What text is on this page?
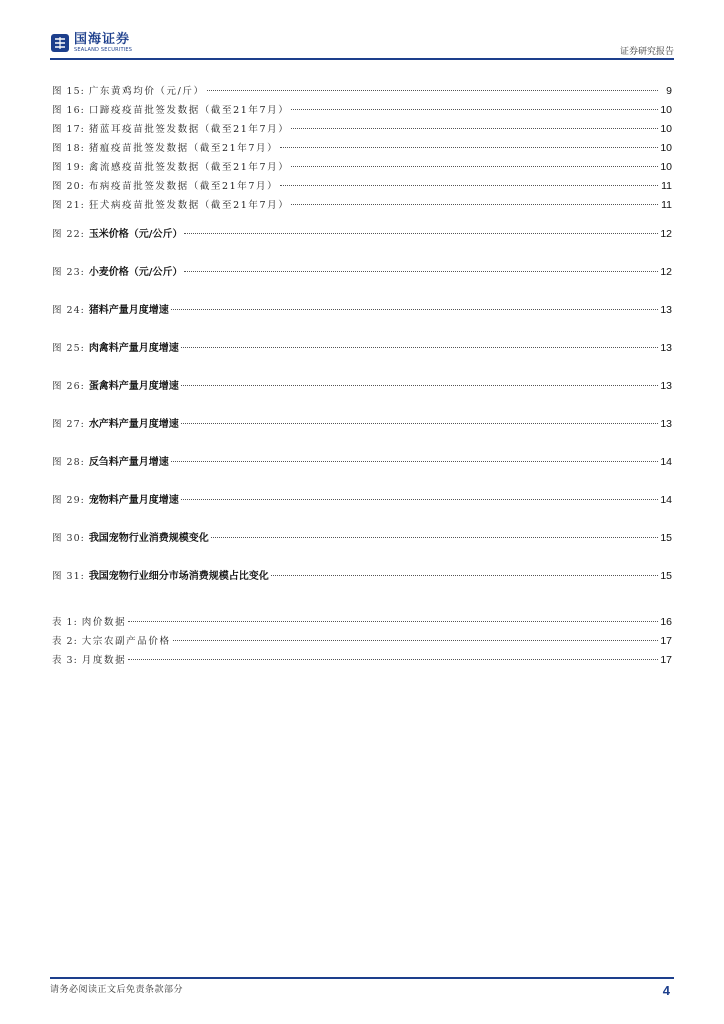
国海证券
SEALAND SECURITIES	证券研究报告
图 15: 广东黄鸡均价（元/斤）	9
图 16: 口蹄疫疫苗批签发数据（截至21年7月）	10
图 17: 猪蓝耳疫苗批签发数据（截至21年7月）	10
图 18: 猪瘟疫苗批签发数据（截至21年7月）	10
图 19: 禽流感疫苗批签发数据（截至21年7月）	10
图 20: 布病疫苗批签发数据（截至21年7月）	11
图 21: 狂犬病疫苗批签发数据（截至21年7月）	11
图 22: 玉米价格（元/公斤）	12
图 23: 小麦价格（元/公斤）	12
图 24: 猪料产量月度增速	13
图 25: 肉禽料产量月度增速	13
图 26: 蛋禽料产量月度增速	13
图 27: 水产料产量月度增速	13
图 28: 反刍料产量月增速	14
图 29: 宠物料产量月度增速	14
图 30: 我国宠物行业消费规模变化	15
图 31: 我国宠物行业细分市场消费规模占比变化	15
表 1: 肉价数据	16
表 2: 大宗农副产品价格	17
表 3: 月度数据	17
请务必阅读正文后免责条款部分	4
